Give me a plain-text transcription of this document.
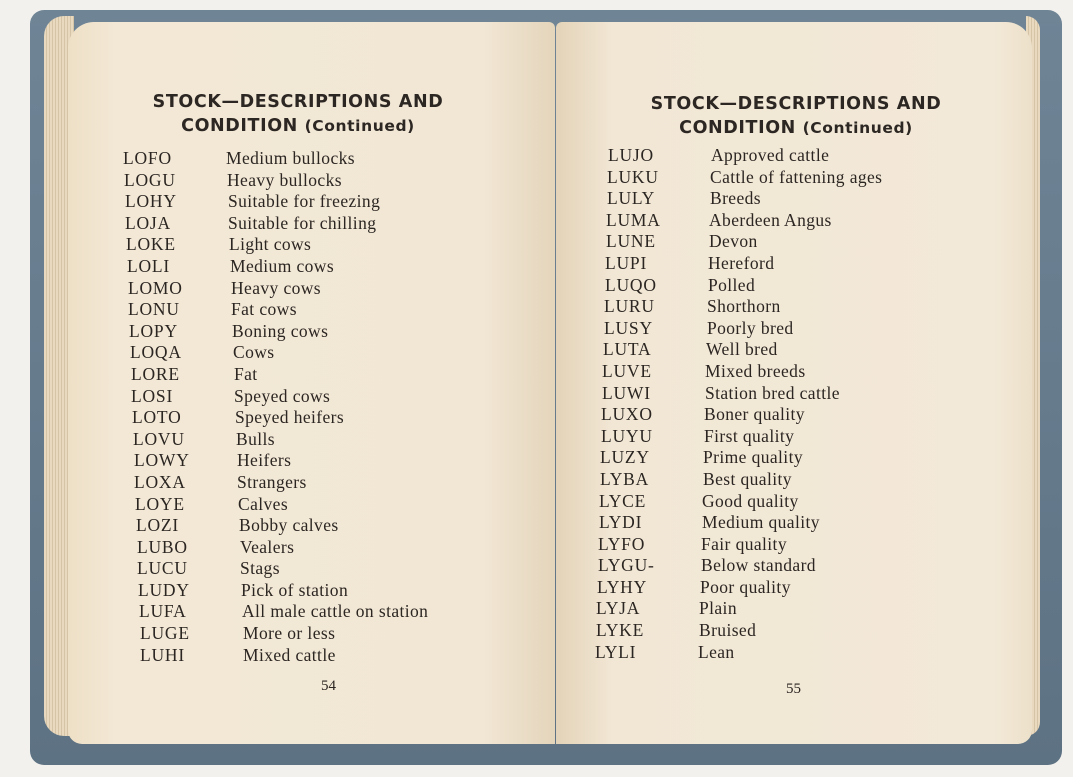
STOCK—DESCRIPTIONS AND
CONDITION (Continued)
LOFO	Medium bullocks
LOGU	Heavy bullocks
LOHY	Suitable for freezing
LOJA	Suitable for chilling
LOKE	Light cows
LOLI	Medium cows
LOMO	Heavy cows
LONU	Fat cows
LOPY	Boning cows
LOQA	Cows
LORE	Fat
LOSI	Speyed cows
LOTO	Speyed heifers
LOVU	Bulls
LOWY	Heifers
LOXA	Strangers
LOYE	Calves
LOZI	Bobby calves
LUBO	Vealers
LUCU	Stags
LUDY	Pick of station
LUFA	All male cattle on station
LUGE	More or less
LUHI	Mixed cattle
54
STOCK—DESCRIPTIONS AND
CONDITION (Continued)
LUJO	Approved cattle
LUKU	Cattle of fattening ages
LULY	Breeds
LUMA	Aberdeen Angus
LUNE	Devon
LUPI	Hereford
LUQO	Polled
LURU	Shorthorn
LUSY	Poorly bred
LUTA	Well bred
LUVE	Mixed breeds
LUWI	Station bred cattle
LUXO	Boner quality
LUYU	First quality
LUZY	Prime quality
LYBA	Best quality
LYCE	Good quality
LYDI	Medium quality
LYFO	Fair quality
LYGU-	Below standard
LYHY	Poor quality
LYJA	Plain
LYKE	Bruised
LYLI	Lean
55
